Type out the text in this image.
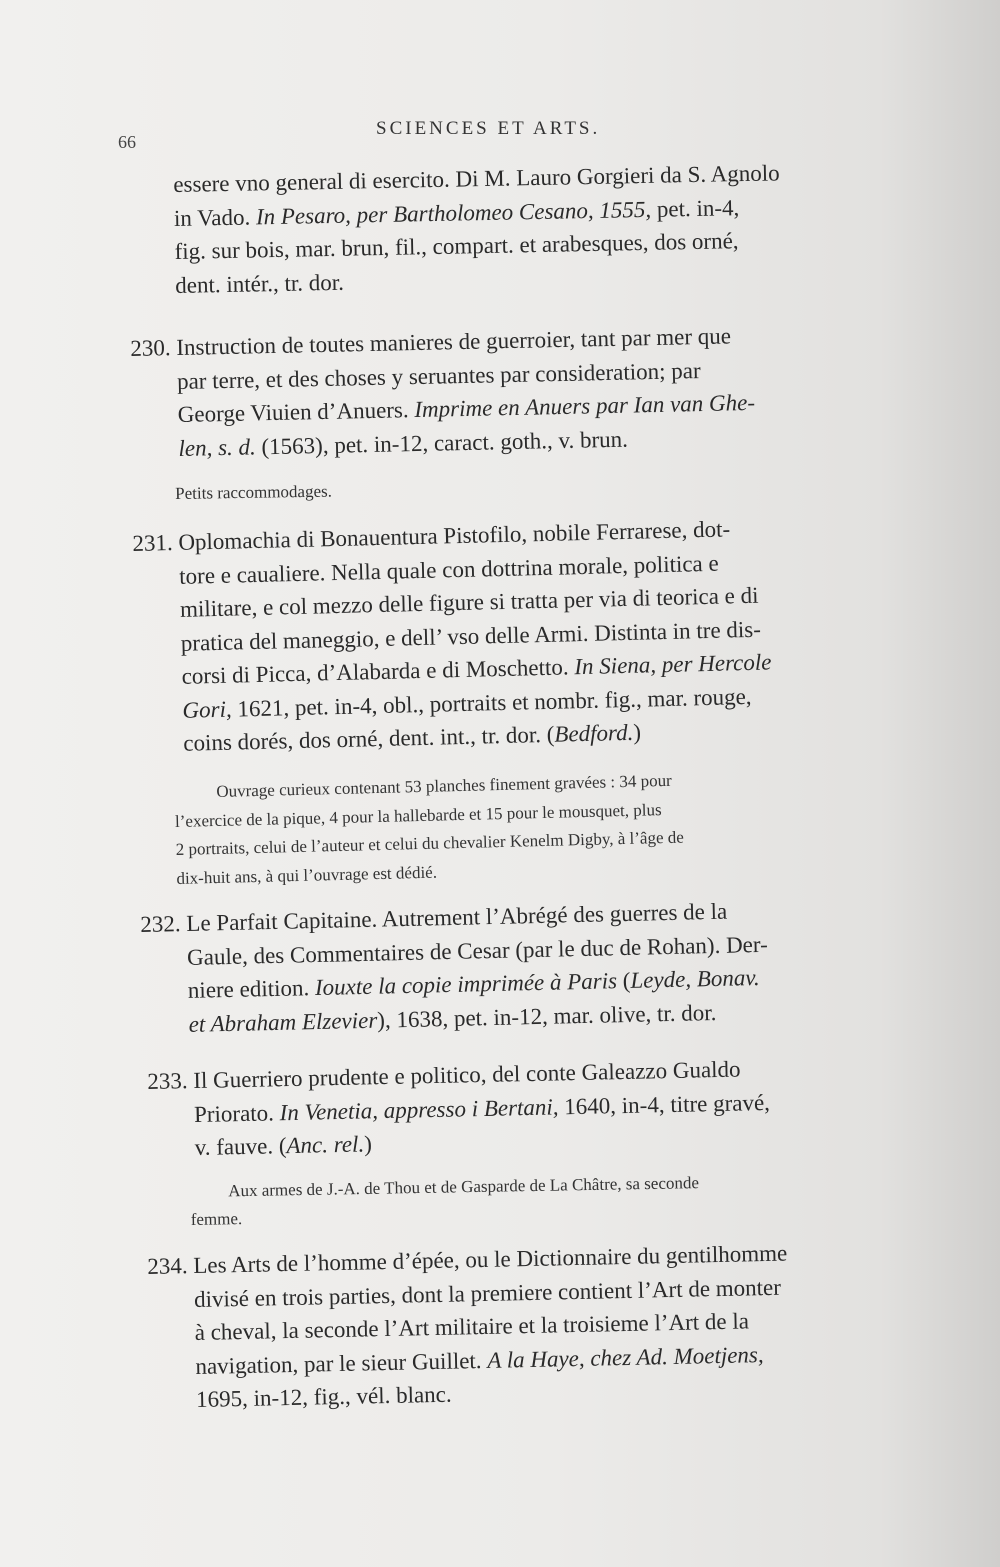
66
SCIENCES ET ARTS.
essere vno general di esercito. Di M. Lauro Gorgieri da S. Agnolo
in Vado. In Pesaro, per Bartholomeo Cesano, 1555, pet. in-4,
fig. sur bois, mar. brun, fil., compart. et arabesques, dos orné,
dent. intér., tr. dor.
230. Instruction de toutes manieres de guerroier, tant par mer que
par terre, et des choses y seruantes par consideration; par
George Viuien d’Anuers. Imprime en Anuers par Ian van Ghe-
len, s. d. (1563), pet. in-12, caract. goth., v. brun.
Petits raccommodages.
231. Oplomachia di Bonauentura Pistofilo, nobile Ferrarese, dot-
tore e caualiere. Nella quale con dottrina morale, politica e
militare, e col mezzo delle figure si tratta per via di teorica e di
pratica del maneggio, e dell’ vso delle Armi. Distinta in tre dis-
corsi di Picca, d’Alabarda e di Moschetto. In Siena, per Hercole
Gori, 1621, pet. in-4, obl., portraits et nombr. fig., mar. rouge,
coins dorés, dos orné, dent. int., tr. dor. (Bedford.)
Ouvrage curieux contenant 53 planches finement gravées : 34 pour
l’exercice de la pique, 4 pour la hallebarde et 15 pour le mousquet, plus
2 portraits, celui de l’auteur et celui du chevalier Kenelm Digby, à l’âge de
dix-huit ans, à qui l’ouvrage est dédié.
232. Le Parfait Capitaine. Autrement l’Abrégé des guerres de la
Gaule, des Commentaires de Cesar (par le duc de Rohan). Der-
niere edition. Iouxte la copie imprimée à Paris (Leyde, Bonav.
et Abraham Elzevier), 1638, pet. in-12, mar. olive, tr. dor.
233. Il Guerriero prudente e politico, del conte Galeazzo Gualdo
Priorato. In Venetia, appresso i Bertani, 1640, in-4, titre gravé,
v. fauve. (Anc. rel.)
Aux armes de J.-A. de Thou et de Gasparde de La Châtre, sa seconde
femme.
234. Les Arts de l’homme d’épée, ou le Dictionnaire du gentilhomme
divisé en trois parties, dont la premiere contient l’Art de monter
à cheval, la seconde l’Art militaire et la troisieme l’Art de la
navigation, par le sieur Guillet. A la Haye, chez Ad. Moetjens,
1695, in-12, fig., vél. blanc.
